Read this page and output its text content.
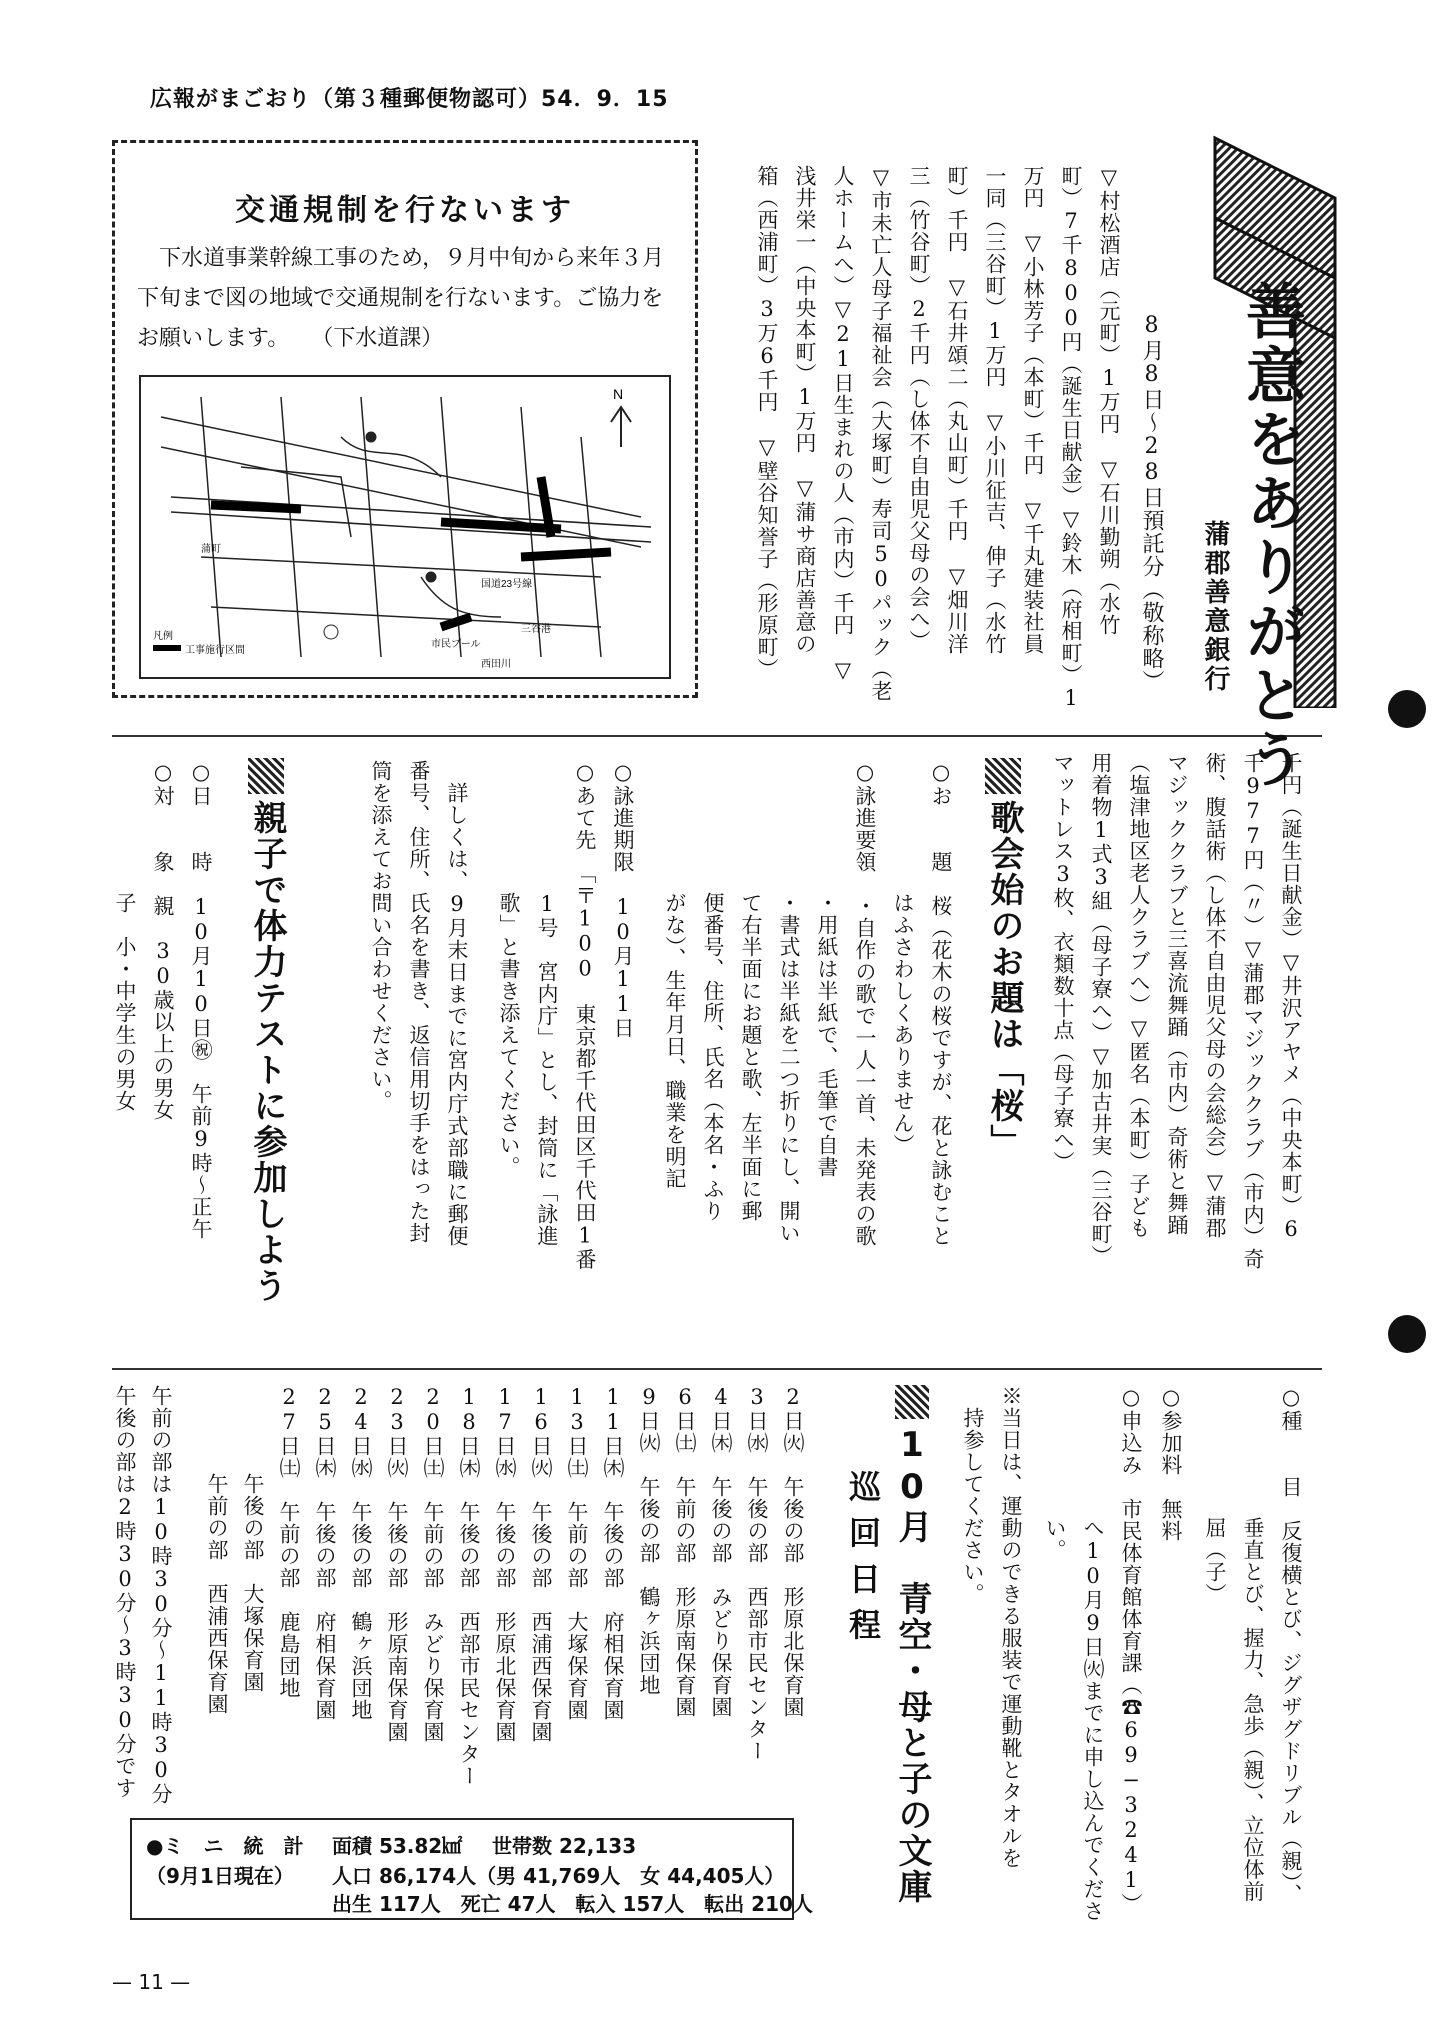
広報がまごおり（第３種郵便物認可）54．9．15
善意をありがとう
蒲郡善意銀行
8月8日〜28日預託分（敬称略）
▽村松酒店（元町）1万円　▽石川勤朔（水竹
町）7千800円（誕生日献金）▽鈴木（府相町）1
万円　▽小林芳子（本町）千円　▽千丸建装社員
一同（三谷町）1万円　▽小川征吉、伸子（水竹
町）千円　▽石井頌二（丸山町）千円　▽畑川洋
三（竹谷町）2千円（し体不自由児父母の会へ）
▽市未亡人母子福祉会（大塚町）寿司50パック（老
人ホームへ）▽21日生まれの人（市内）千円　▽
浅井栄一（中央本町）1万円　▽蒲サ商店善意の
箱（西浦町）3万6千円　▽壁谷知誉子（形原町）
交通規制を行ないます
　下水道事業幹線工事のため，９月中旬から来年３月下旬まで図の地域で交通規制を行ないます。ご協力をお願いします。　　（下水道課）
N
国道23号線
市民プール
三谷港
西田川
蒲町
凡例
工事施行区間
千円（誕生日献金）▽井沢アヤメ（中央本町）6
千977円（〃）▽蒲郡マジッククラブ（市内）奇
術、腹話術（し体不自由児父母の会総会）▽蒲郡
マジッククラブと三喜流舞踊（市内）奇術と舞踊
（塩津地区老人クラブへ）▽匿名（本町）子ども
用着物1式3組（母子寮へ）▽加古井実（三谷町）
マットレス3枚、衣類数十点（母子寮へ）
歌会始のお題は「桜」
○お　　題　桜（花木の桜ですが、花と詠むこと
　　　　　　はふさわしくありません）
○詠進要領　・自作の歌で一人一首、未発表の歌
　　　　　　・用紙は半紙で、毛筆で自書
　　　　　　・書式は半紙を二つ折りにし、開い
　　　　　　て右半面にお題と歌、左半面に郵
　　　　　　便番号、住所、氏名（本名・ふり
　　　　　　がな）、生年月日、職業を明記
○詠進期限　10月11日
○あて先　「〒100　東京都千代田区千代田1番
　　　　　　1号　宮内庁」とし、封筒に「詠進
　　　　　　歌」と書き添えてください。
　詳しくは、9月末日までに宮内庁式部職に郵便
番号、住所、氏名を書き、返信用切手をはった封
筒を添えてお問い合わせください。
親子で体力テストに参加しよう
○日　　時　10月10日㊗　午前9時〜正午
○対　　象　親　30歳以上の男女
　　　　　　子　小・中学生の男女
○種　　目　反復横とび、ジグザグドリブル（親）、
　　　　　　垂直とび、握力、急歩（親）、立位体前
　　　　　　屈（子）
○参加料　無料
○申込み　市民体育館体育課（☎69−3241）
　　　　　　へ10月9日㈫までに申し込んでくださ
　　　　　　い。
※当日は、運動のできる服装で運動靴とタオルを
　持参してください。
10月　青空・母と子の文庫
巡回日程
2日㈫　午後の部　形原北保育園
3日㈬　午後の部　西部市民センター
4日㈭　午後の部　みどり保育園
6日㈯　午前の部　形原南保育園
9日㈫　午後の部　鶴ヶ浜団地
11日㈭　午後の部　府相保育園
13日㈯　午前の部　大塚保育園
16日㈫　午後の部　西浦西保育園
17日㈬　午後の部　形原北保育園
18日㈭　午後の部　西部市民センター
20日㈯　午前の部　みどり保育園
23日㈫　午後の部　形原南保育園
24日㈬　午後の部　鶴ヶ浜団地
25日㈭　午後の部　府相保育園
27日㈯　午前の部　鹿島団地
　　　　午後の部　大塚保育園
　　　　午前の部　西浦西保育園
午前の部は10時30分〜11時30分
午後の部は2時30分〜3時30分です
●ミ　ニ　統　計
（9月1日現在）
面積 53.82㎢ 世帯数 22,133
人口 86,174人（男 41,769人　女 44,405人）
出生 117人　死亡 47人　転入 157人　転出 210人
— 11 —
